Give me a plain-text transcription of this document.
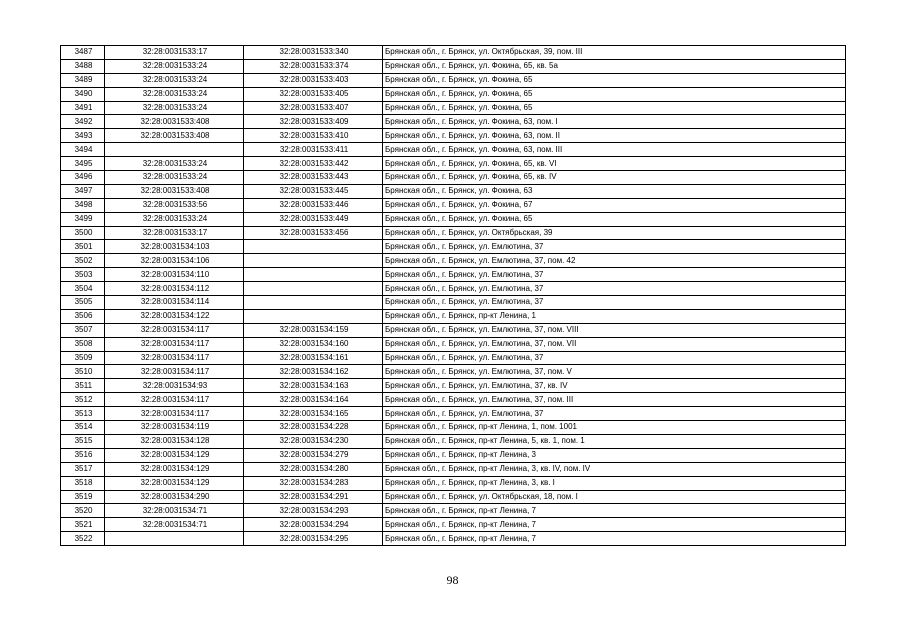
3487	32:28:0031533:17	32:28:0031533:340	Брянская обл., г. Брянск, ул. Октябрьская, 39, пом. III
3488	32:28:0031533:24	32:28:0031533:374	Брянская обл., г. Брянск, ул. Фокина, 65, кв. 5а
3489	32:28:0031533:24	32:28:0031533:403	Брянская обл., г. Брянск, ул. Фокина, 65
3490	32:28:0031533:24	32:28:0031533:405	Брянская обл., г. Брянск, ул. Фокина, 65
3491	32:28:0031533:24	32:28:0031533:407	Брянская обл., г. Брянск, ул. Фокина, 65
3492	32:28:0031533:408	32:28:0031533:409	Брянская обл., г. Брянск, ул. Фокина, 63, пом. I
3493	32:28:0031533:408	32:28:0031533:410	Брянская обл., г. Брянск, ул. Фокина, 63, пом. II
3494		32:28:0031533:411	Брянская обл., г. Брянск, ул. Фокина, 63, пом. III
3495	32:28:0031533:24	32:28:0031533:442	Брянская обл., г. Брянск, ул. Фокина, 65, кв. VI
3496	32:28:0031533:24	32:28:0031533:443	Брянская обл., г. Брянск, ул. Фокина, 65, кв. IV
3497	32:28:0031533:408	32:28:0031533:445	Брянская обл., г. Брянск, ул. Фокина, 63
3498	32:28:0031533:56	32:28:0031533:446	Брянская обл., г. Брянск, ул. Фокина, 67
3499	32:28:0031533:24	32:28:0031533:449	Брянская обл., г. Брянск, ул. Фокина, 65
3500	32:28:0031533:17	32:28:0031533:456	Брянская обл., г. Брянск, ул. Октябрьская, 39
3501	32:28:0031534:103		Брянская обл., г. Брянск, ул. Емлютина, 37
3502	32:28:0031534:106		Брянская обл., г. Брянск, ул. Емлютина, 37, пом. 42
3503	32:28:0031534:110		Брянская обл., г. Брянск, ул. Емлютина, 37
3504	32:28:0031534:112		Брянская обл., г. Брянск, ул. Емлютина, 37
3505	32:28:0031534:114		Брянская обл., г. Брянск, ул. Емлютина, 37
3506	32:28:0031534:122		Брянская обл., г. Брянск, пр-кт Ленина, 1
3507	32:28:0031534:117	32:28:0031534:159	Брянская обл., г. Брянск, ул. Емлютина, 37, пом. VIII
3508	32:28:0031534:117	32:28:0031534:160	Брянская обл., г. Брянск, ул. Емлютина, 37, пом. VII
3509	32:28:0031534:117	32:28:0031534:161	Брянская обл., г. Брянск, ул. Емлютина, 37
3510	32:28:0031534:117	32:28:0031534:162	Брянская обл., г. Брянск, ул. Емлютина, 37, пом. V
3511	32:28:0031534:93	32:28:0031534:163	Брянская обл., г. Брянск, ул. Емлютина, 37, кв. IV
3512	32:28:0031534:117	32:28:0031534:164	Брянская обл., г. Брянск, ул. Емлютина, 37, пом. III
3513	32:28:0031534:117	32:28:0031534:165	Брянская обл., г. Брянск, ул. Емлютина, 37
3514	32:28:0031534:119	32:28:0031534:228	Брянская обл., г. Брянск, пр-кт Ленина, 1, пом. 1001
3515	32:28:0031534:128	32:28:0031534:230	Брянская обл., г. Брянск, пр-кт Ленина, 5, кв. 1, пом. 1
3516	32:28:0031534:129	32:28:0031534:279	Брянская обл., г. Брянск, пр-кт Ленина, 3
3517	32:28:0031534:129	32:28:0031534:280	Брянская обл., г. Брянск, пр-кт Ленина, 3, кв. IV, пом. IV
3518	32:28:0031534:129	32:28:0031534:283	Брянская обл., г. Брянск, пр-кт Ленина, 3, кв. I
3519	32:28:0031534:290	32:28:0031534:291	Брянская обл., г. Брянск, ул. Октябрьская, 18, пом. I
3520	32:28:0031534:71	32:28:0031534:293	Брянская обл., г. Брянск, пр-кт Ленина, 7
3521	32:28:0031534:71	32:28:0031534:294	Брянская обл., г. Брянск, пр-кт Ленина, 7
3522		32:28:0031534:295	Брянская обл., г. Брянск, пр-кт Ленина, 7
98
